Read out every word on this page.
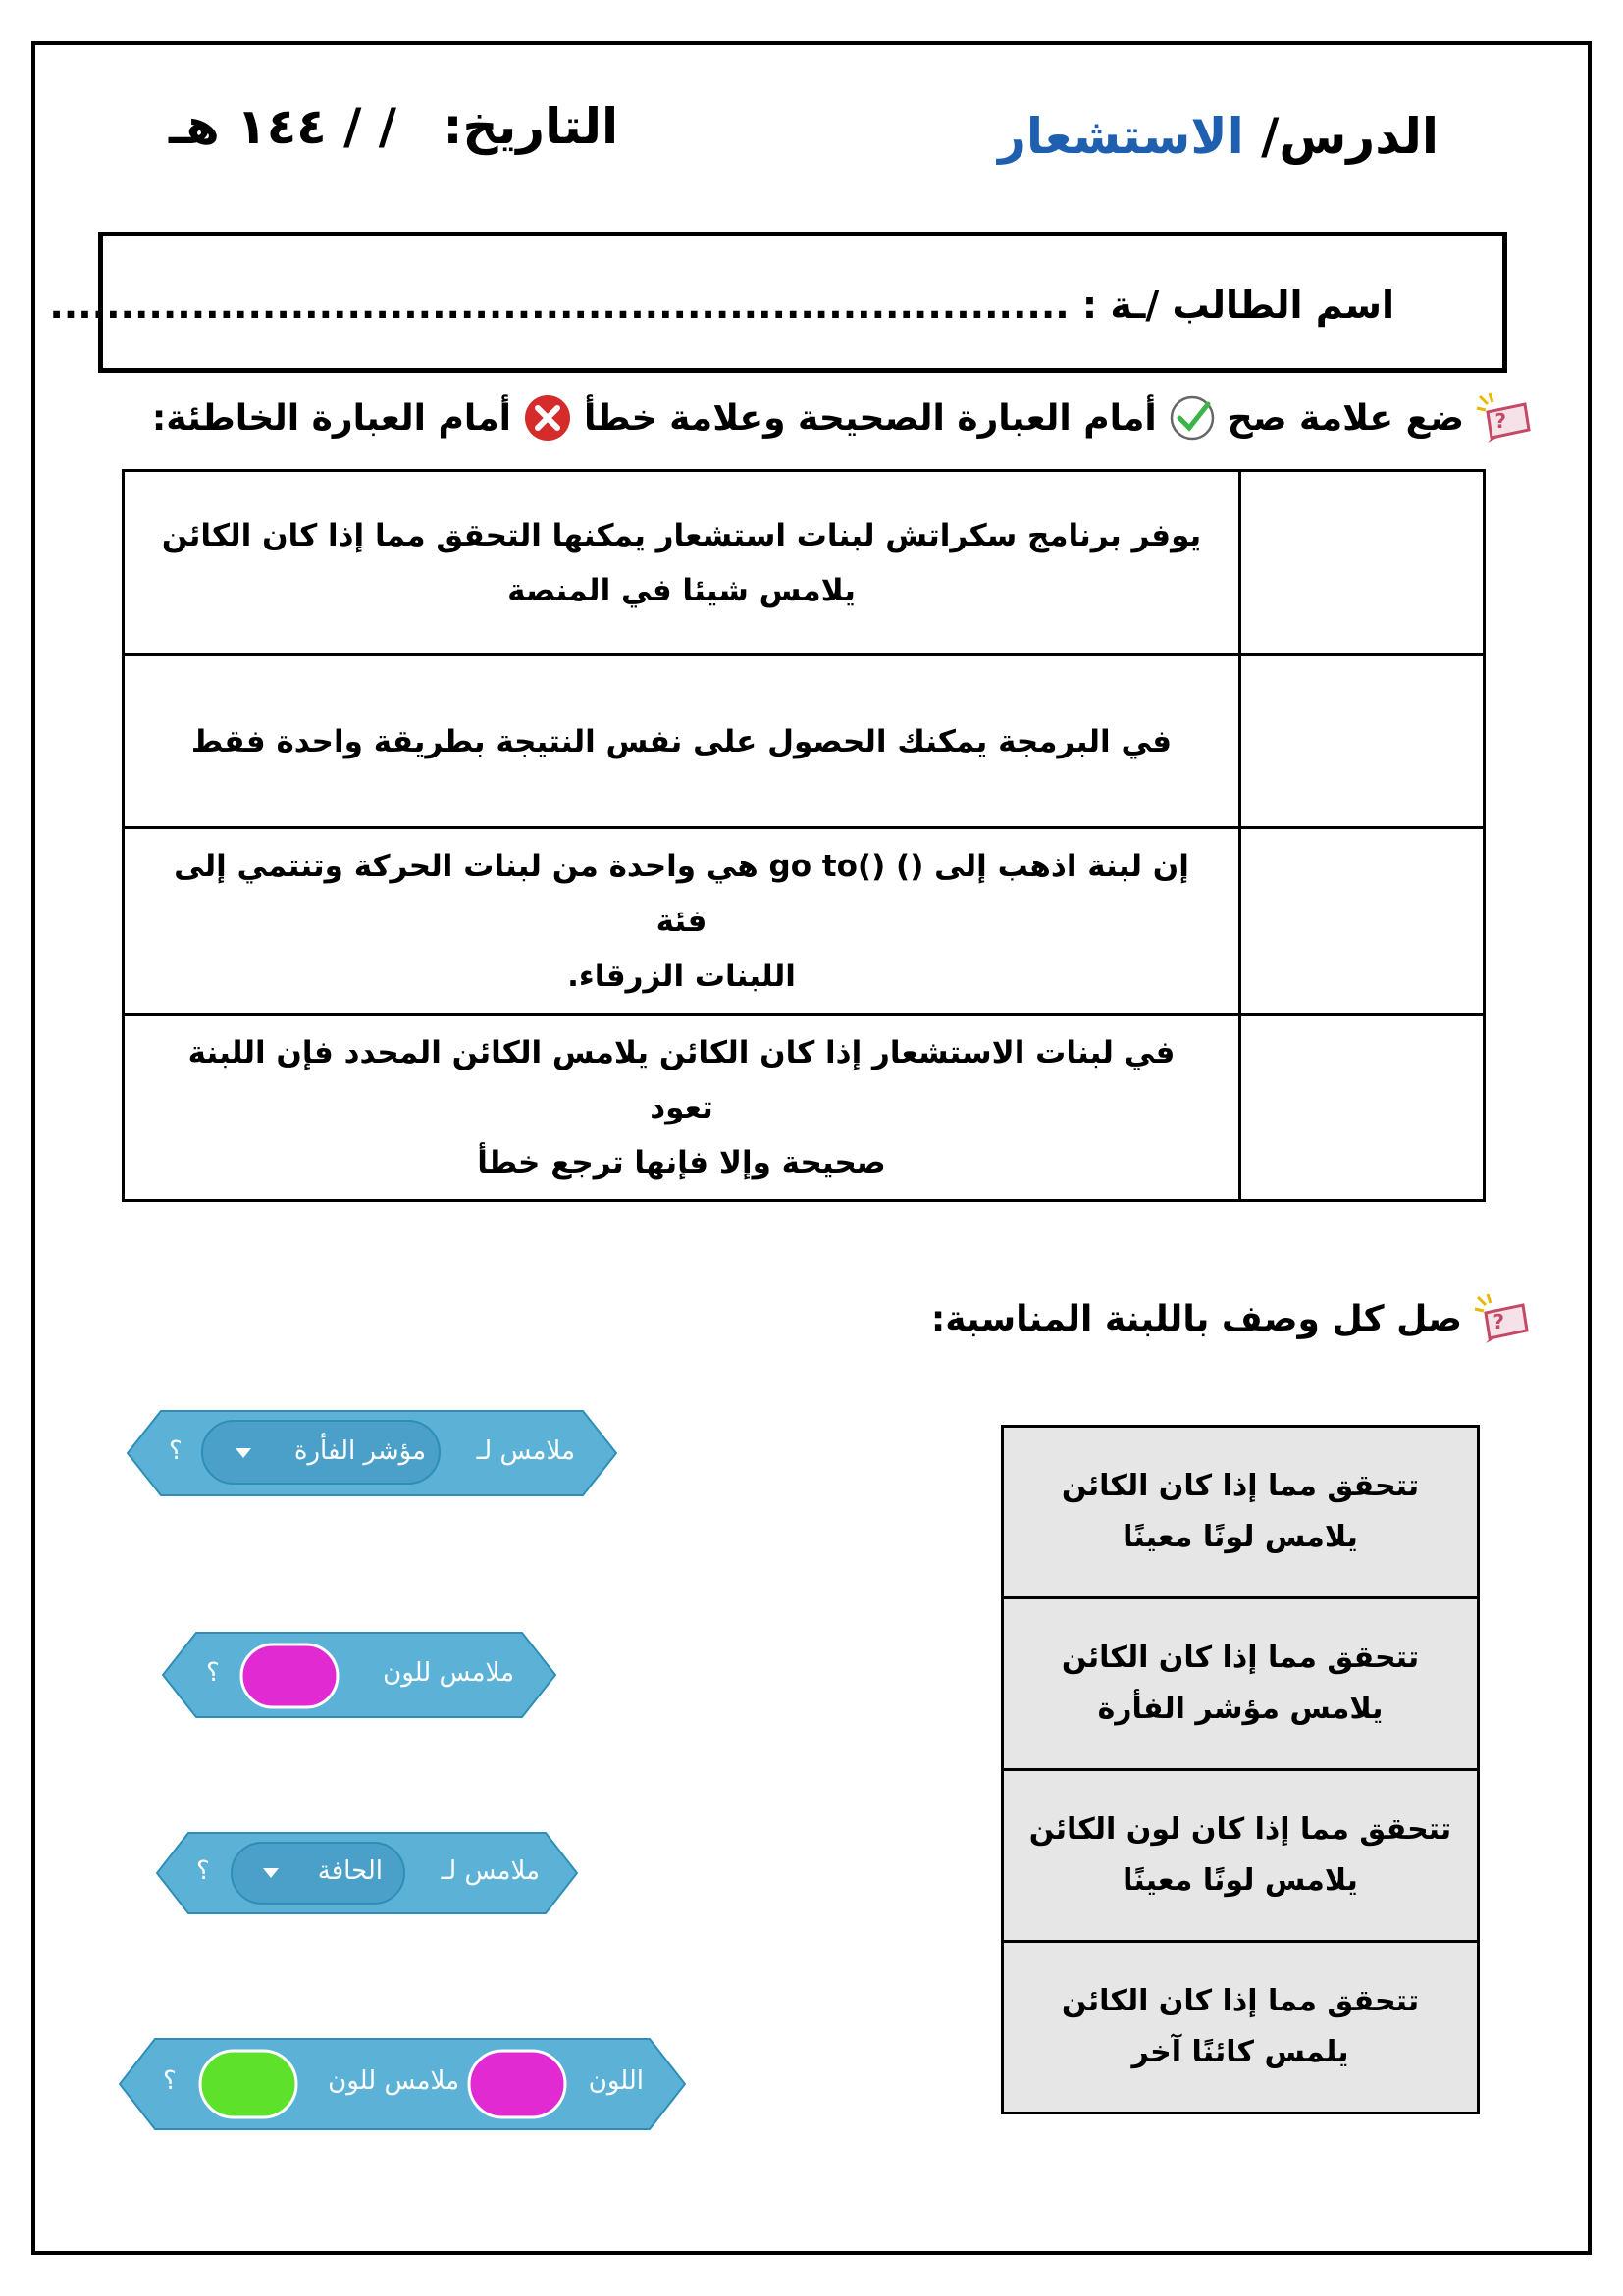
الدرس/ الاستشعار
التاريخ: / / ١٤٤ هـ
اسم الطالب /ـة : ........................................................................
?
ضع علامة صح
أمام العبارة الصحيحة وعلامة خطأ
أمام العبارة الخاطئة:
يوفر برنامج سكراتش لبنات استشعار يمكنها التحقق مما إذا كان الكائن
يلامس شيئا في المنصة	

في البرمجة يمكنك الحصول على نفس النتيجة بطريقة واحدة فقط	

إن لبنة اذهب إلى () ()go to هي واحدة من لبنات الحركة وتنتمي إلى فئة
اللبنات الزرقاء.	

في لبنات الاستشعار إذا كان الكائن يلامس الكائن المحدد فإن اللبنة تعود
صحيحة وإلا فإنها ترجع خطأ	

?
صل كل وصف باللبنة المناسبة:
تتحقق مما إذا كان الكائن
يلامس لونًا معينًا

تتحقق مما إذا كان الكائن
يلامس مؤشر الفأرة

تتحقق مما إذا كان لون الكائن
يلامس لونًا معينًا

تتحقق مما إذا كان الكائن
يلمس كائنًا آخر
ملامس لـ
مؤشر الفأرة
؟
ملامس للون
؟
ملامس لـ
الحافة
؟
اللون
ملامس للون
؟
